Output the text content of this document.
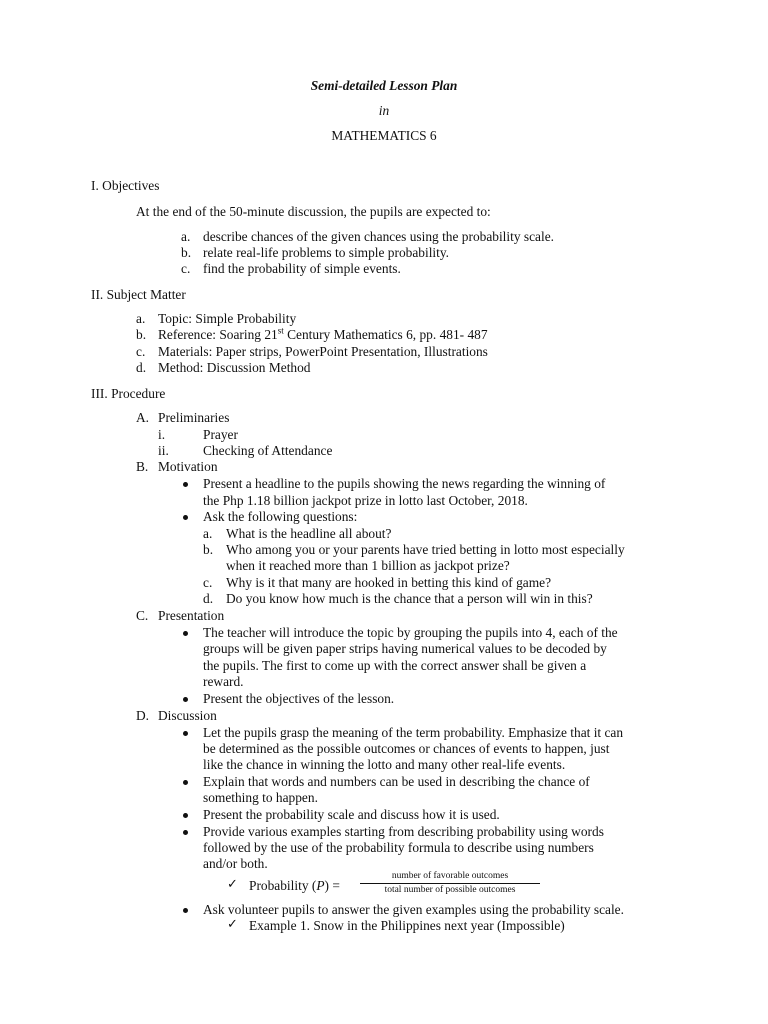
Semi-detailed Lesson Plan
in
MATHEMATICS 6
I. Objectives
At the end of the 50-minute discussion, the pupils are expected to:
a. describe chances of the given chances using the probability scale.
b. relate real-life problems to simple probability.
c. find the probability of simple events.
II. Subject Matter
a. Topic: Simple Probability
b. Reference: Soaring 21st Century Mathematics 6, pp. 481- 487
c. Materials: Paper strips, PowerPoint Presentation, Illustrations
d. Method: Discussion Method
III. Procedure
A. Preliminaries
i.	Prayer
ii.	Checking of Attendance
B. Motivation
Present a headline to the pupils showing the news regarding the winning of
the Php 1.18 billion jackpot prize in lotto last October, 2018.
Ask the following questions:
a. What is the headline all about?
b. Who among you or your parents have tried betting in lotto most especially
when it reached more than 1 billion as jackpot prize?
c. Why is it that many are hooked in betting this kind of game?
d. Do you know how much is the chance that a person will win in this?
C. Presentation
The teacher will introduce the topic by grouping the pupils into 4, each of the
groups will be given paper strips having numerical values to be decoded by
the pupils. The first to come up with the correct answer shall be given a
reward.
Present the objectives of the lesson.
D. Discussion
Let the pupils grasp the meaning of the term probability. Emphasize that it can
be determined as the possible outcomes or chances of events to happen, just
like the chance in winning the lotto and many other real-life events.
Explain that words and numbers can be used in describing the chance of
something to happen.
Present the probability scale and discuss how it is used.
Provide various examples starting from describing probability using words
followed by the use of the probability formula to describe using numbers
and/or both.
✓ Probability (P) =
number of favorable outcomes
total number of possible outcomes
Ask volunteer pupils to answer the given examples using the probability scale.
✓ Example 1. Snow in the Philippines next year (Impossible)
